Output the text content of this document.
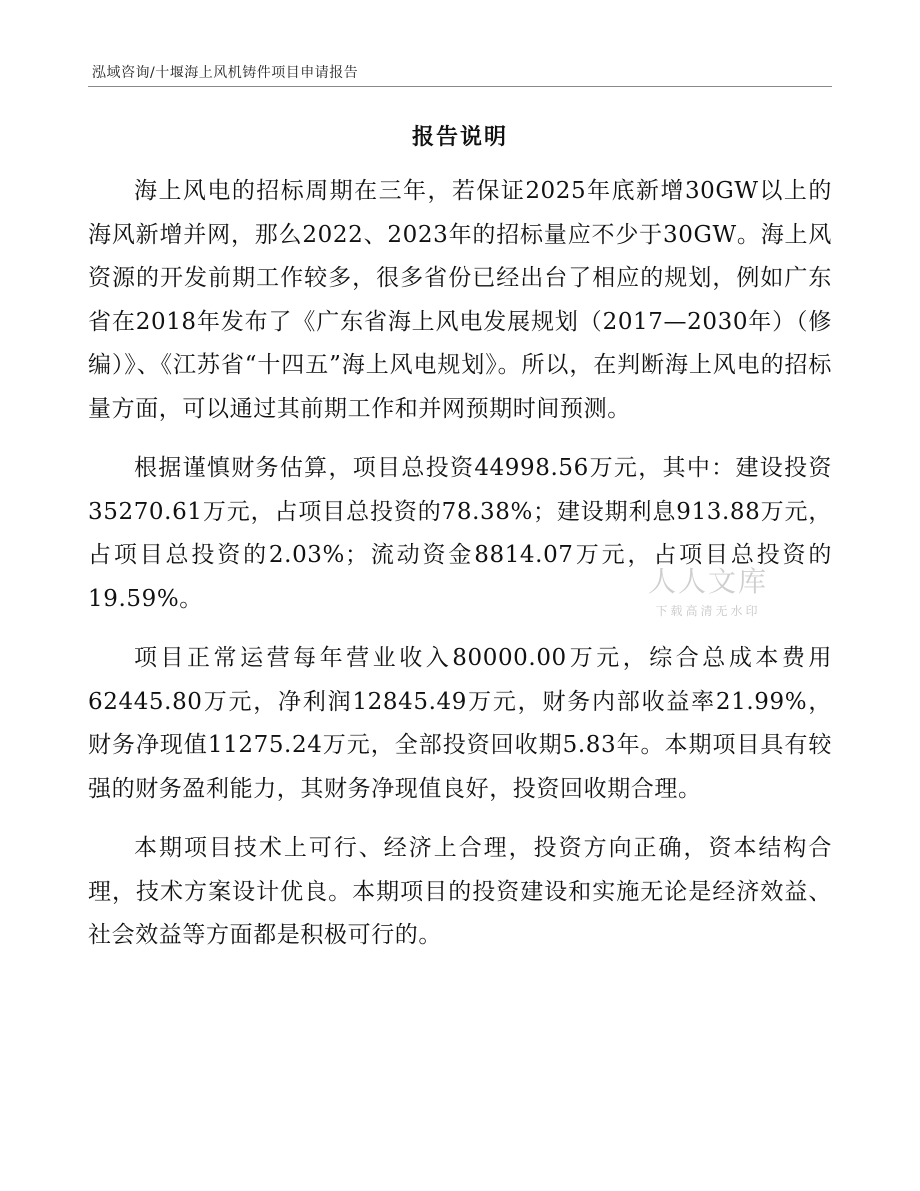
泓域咨询/十堰海上风机铸件项目申请报告
报告说明

海上风电的招标周期在三年，若保证2025年底新增30GW以上的海风新增并网，那么2022、2023年的招标量应不少于30GW。海上风资源的开发前期工作较多，很多省份已经出台了相应的规划，例如广东省在2018年发布了《广东省海上风电发展规划（2017—2030年）（修编）》、《江苏省“十四五”海上风电规划》。所以，在判断海上风电的招标量方面，可以通过其前期工作和并网预期时间预测。

根据谨慎财务估算，项目总投资44998.56万元，其中：建设投资35270.61万元，占项目总投资的78.38%；建设期利息913.88万元，占项目总投资的2.03%；流动资金8814.07万元，占项目总投资的19.59%。

项目正常运营每年营业收入80000.00万元，综合总成本费用62445.80万元，净利润12845.49万元，财务内部收益率21.99%，财务净现值11275.24万元，全部投资回收期5.83年。本期项目具有较强的财务盈利能力，其财务净现值良好，投资回收期合理。

本期项目技术上可行、经济上合理，投资方向正确，资本结构合理，技术方案设计优良。本期项目的投资建设和实施无论是经济效益、社会效益等方面都是积极可行的。

人人文库
下载高清无水印
